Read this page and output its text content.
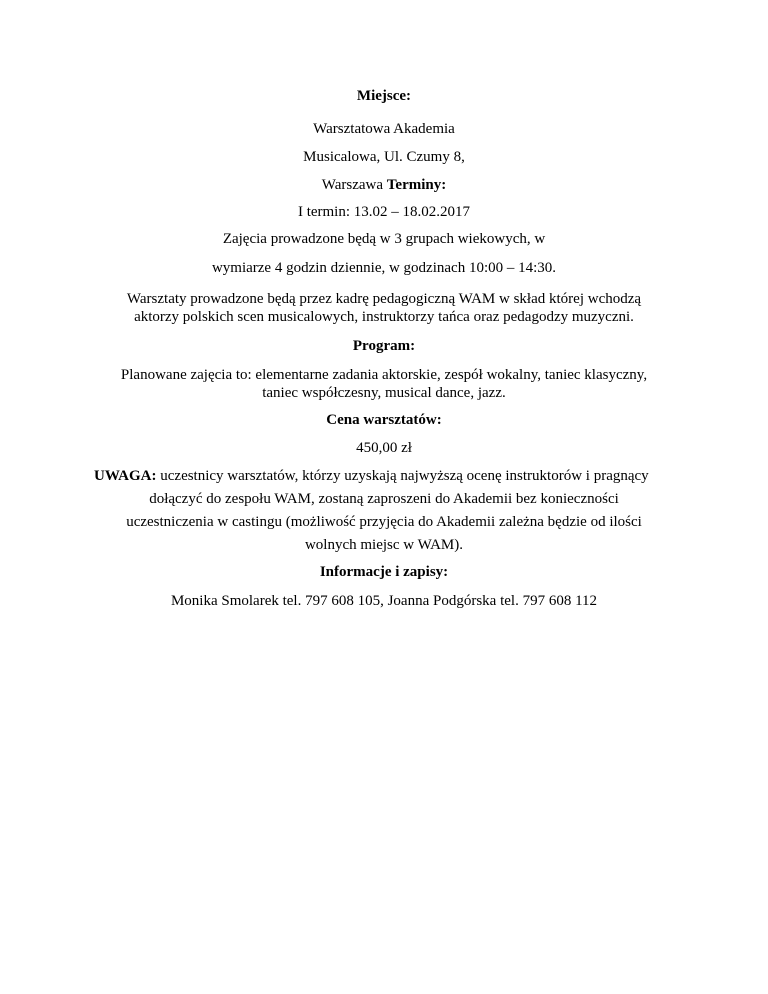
Miejsce:
Warsztatowa Akademia
Musicalowa, Ul. Czumy 8,
Warszawa Terminy:
I termin: 13.02 – 18.02.2017
Zajęcia prowadzone będą w 3 grupach wiekowych, w
wymiarze 4 godzin dziennie, w godzinach 10:00 – 14:30.
Warsztaty prowadzone będą przez kadrę pedagogiczną WAM w skład której wchodzą
aktorzy polskich scen musicalowych, instruktorzy tańca oraz pedagodzy muzyczni.
Program:
Planowane zajęcia to: elementarne zadania aktorskie, zespół wokalny, taniec klasyczny,
taniec współczesny, musical dance, jazz.
Cena warsztatów:
450,00 zł
UWAGA: uczestnicy warsztatów, którzy uzyskają najwyższą ocenę instruktorów i pragnący
dołączyć do zespołu WAM, zostaną zaproszeni do Akademii bez konieczności
uczestniczenia w castingu (możliwość przyjęcia do Akademii zależna będzie od ilości
wolnych miejsc w WAM).
Informacje i zapisy:
Monika Smolarek tel. 797 608 105, Joanna Podgórska tel. 797 608 112
